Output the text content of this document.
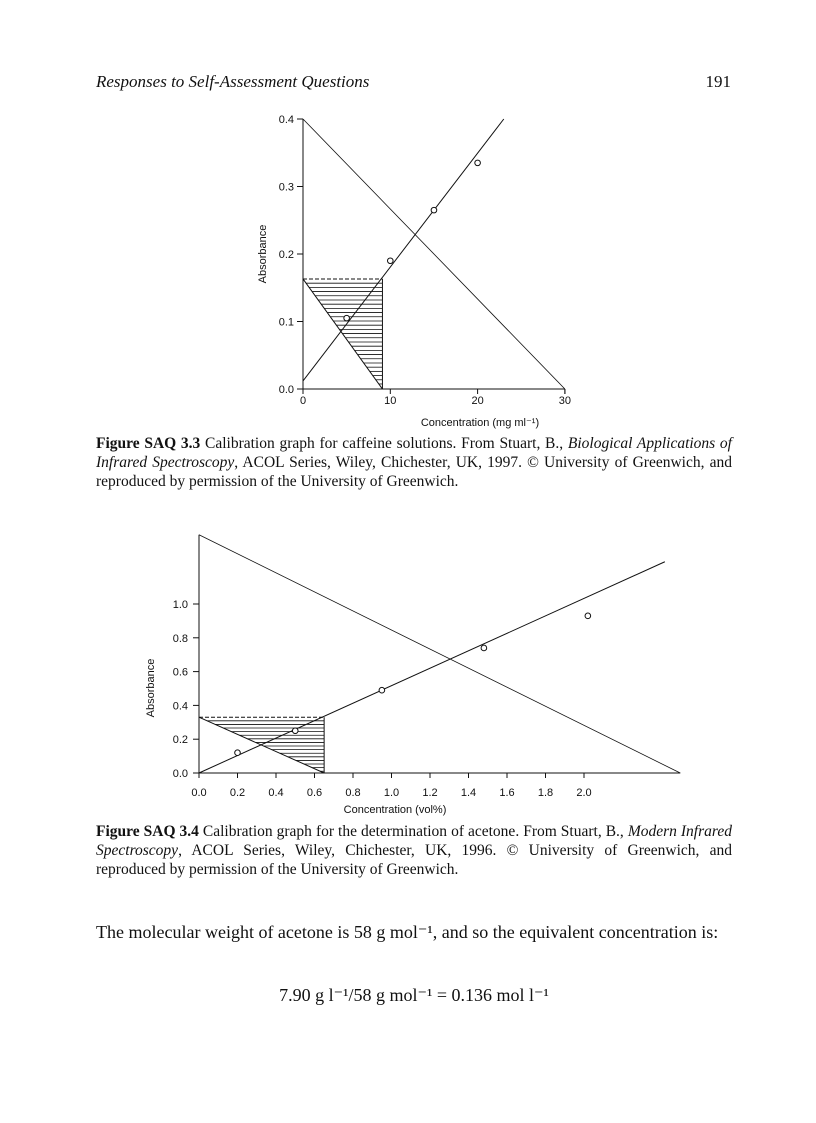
Responses to Self-Assessment Questions	191
0.0
0.1
0.2
0.3
0.4
0	10	20	30
Concentration (mg ml⁻¹)
Absorbance
Figure SAQ 3.3 Calibration graph for caffeine solutions. From Stuart, B., Biological Applications of Infrared Spectroscopy, ACOL Series, Wiley, Chichester, UK, 1997. © University of Greenwich, and reproduced by permission of the University of Greenwich.
0.0
0.2
0.4
0.6
0.8
1.0
0.0 0.2 0.4 0.6 0.8 1.0 1.2 1.4 1.6 1.8 2.0
Concentration (vol%)
Absorbance
Figure SAQ 3.4 Calibration graph for the determination of acetone. From Stuart, B., Modern Infrared Spectroscopy, ACOL Series, Wiley, Chichester, UK, 1996. © University of Greenwich, and reproduced by permission of the University of Greenwich.
The molecular weight of acetone is 58 g mol⁻¹, and so the equivalent concentration is:
7.90 g l⁻¹/58 g mol⁻¹ = 0.136 mol l⁻¹
